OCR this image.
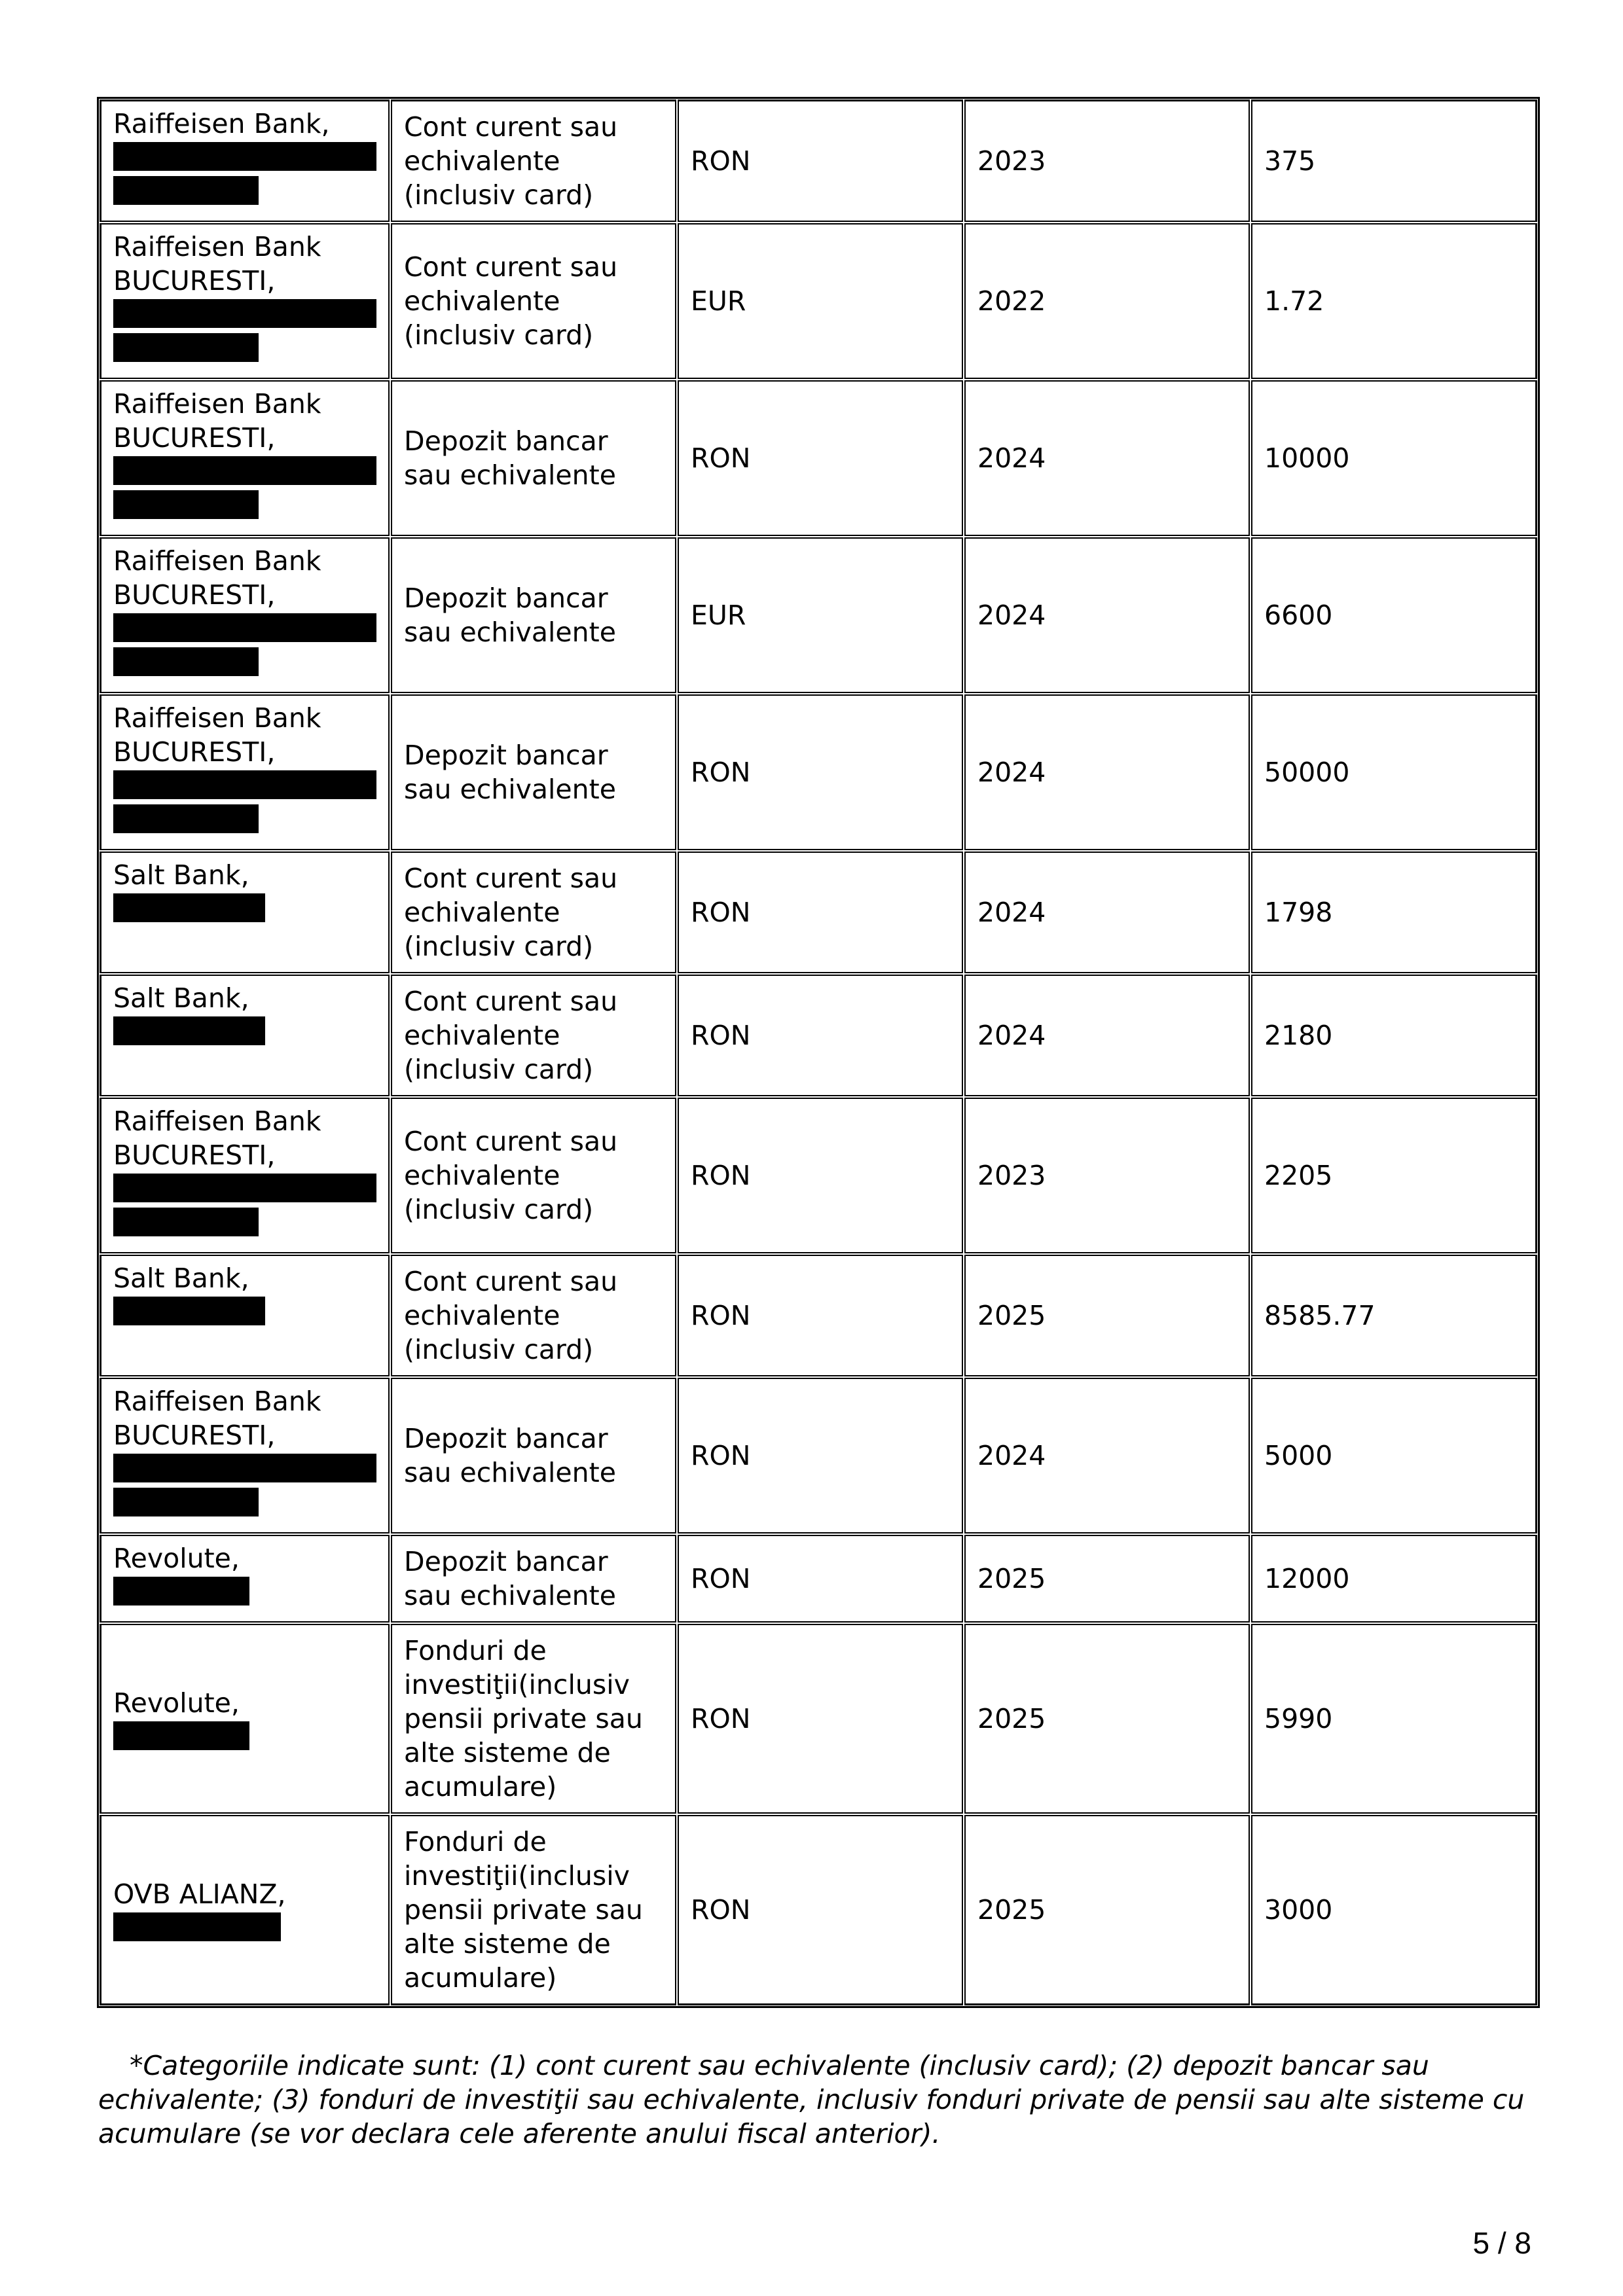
Raiffeisen Bank,	Cont curent sau echivalente (inclusiv card)	RON	2023	375

Raiffeisen Bank BUCURESTI,	Cont curent sau echivalente (inclusiv card)	EUR	2022	1.72

Raiffeisen Bank BUCURESTI,	Depozit bancar sau echivalente	RON	2024	10000

Raiffeisen Bank BUCURESTI,	Depozit bancar sau echivalente	EUR	2024	6600

Raiffeisen Bank BUCURESTI,	Depozit bancar sau echivalente	RON	2024	50000

Salt Bank,	Cont curent sau echivalente (inclusiv card)	RON	2024	1798

Salt Bank,	Cont curent sau echivalente (inclusiv card)	RON	2024	2180

Raiffeisen Bank BUCURESTI,	Cont curent sau echivalente (inclusiv card)	RON	2023	2205

Salt Bank,	Cont curent sau echivalente (inclusiv card)	RON	2025	8585.77

Raiffeisen Bank BUCURESTI,	Depozit bancar sau echivalente	RON	2024	5000

Revolute,	Depozit bancar sau echivalente	RON	2025	12000

Revolute,	Fonduri de investiţii(inclusiv pensii private sau alte sisteme de acumulare)	RON	2025	5990

OVB ALIANZ,	Fonduri de investiţii(inclusiv pensii private sau alte sisteme de acumulare)	RON	2025	3000
*Categoriile indicate sunt: (1) cont curent sau echivalente (inclusiv card); (2) depozit bancar sau echivalente; (3) fonduri de investiţii sau echivalente, inclusiv fonduri private de pensii sau alte sisteme cu acumulare (se vor declara cele aferente anului fiscal anterior).
5 / 8
